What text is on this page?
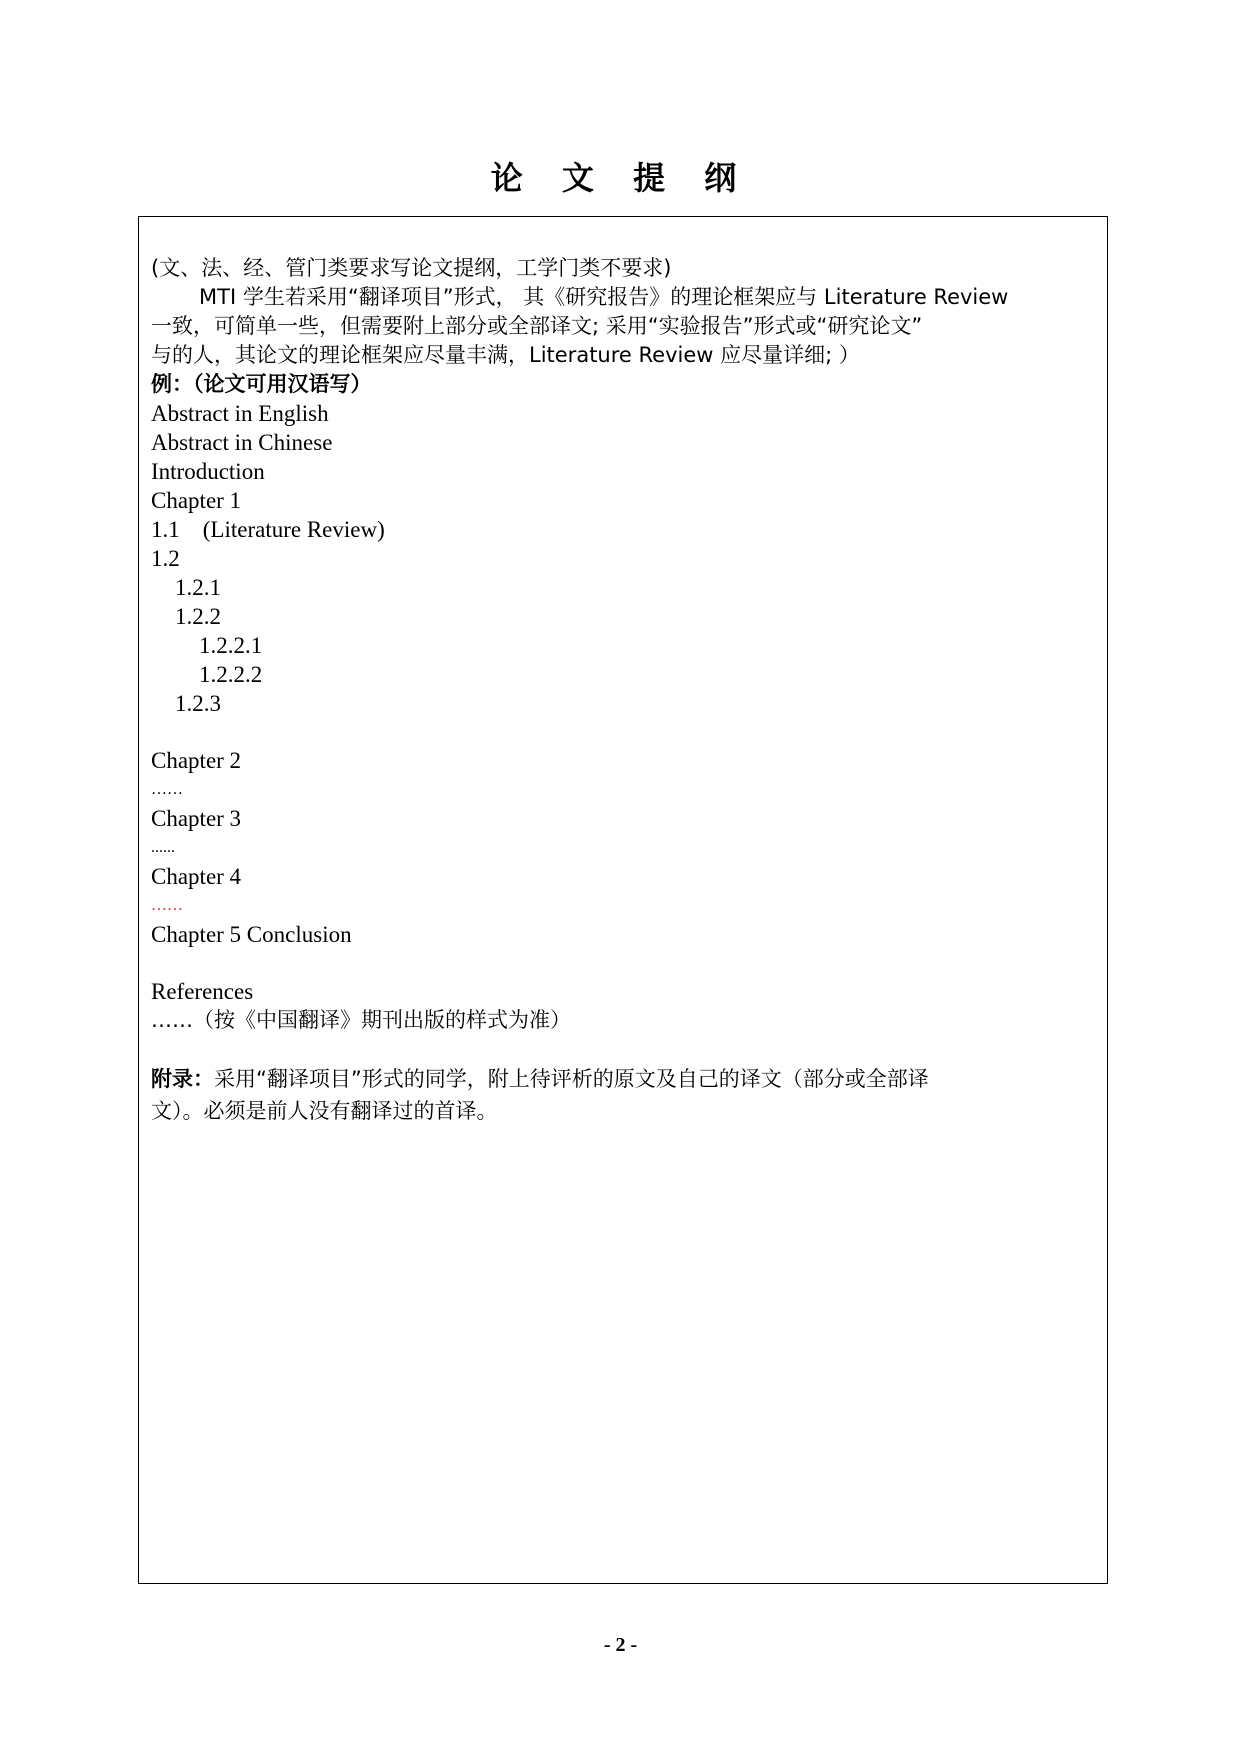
论 文 提 纲
(文、法、经、管门类要求写论文提纲，工学门类不要求)
MTI 学生若采用“翻译项目”形式， 其《研究报告》的理论框架应与 Literature Review
一致，可简单一些，但需要附上部分或全部译文; 采用“实验报告”形式或“研究论文”
与的人，其论文的理论框架应尽量丰满，Literature Review 应尽量详细; ）
例：（论文可用汉语写）
Abstract in English
Abstract in Chinese
Introduction
Chapter 1
1.1    (Literature Review)
1.2
1.2.1
1.2.2
1.2.2.1
1.2.2.2
1.2.3
Chapter 2
……
Chapter 3
......
Chapter 4
……
Chapter 5 Conclusion
References
……（按《中国翻译》期刊出版的样式为准）
附录：采用“翻译项目”形式的同学，附上待评析的原文及自己的译文（部分或全部译
文）。必须是前人没有翻译过的首译。
- 2 -
